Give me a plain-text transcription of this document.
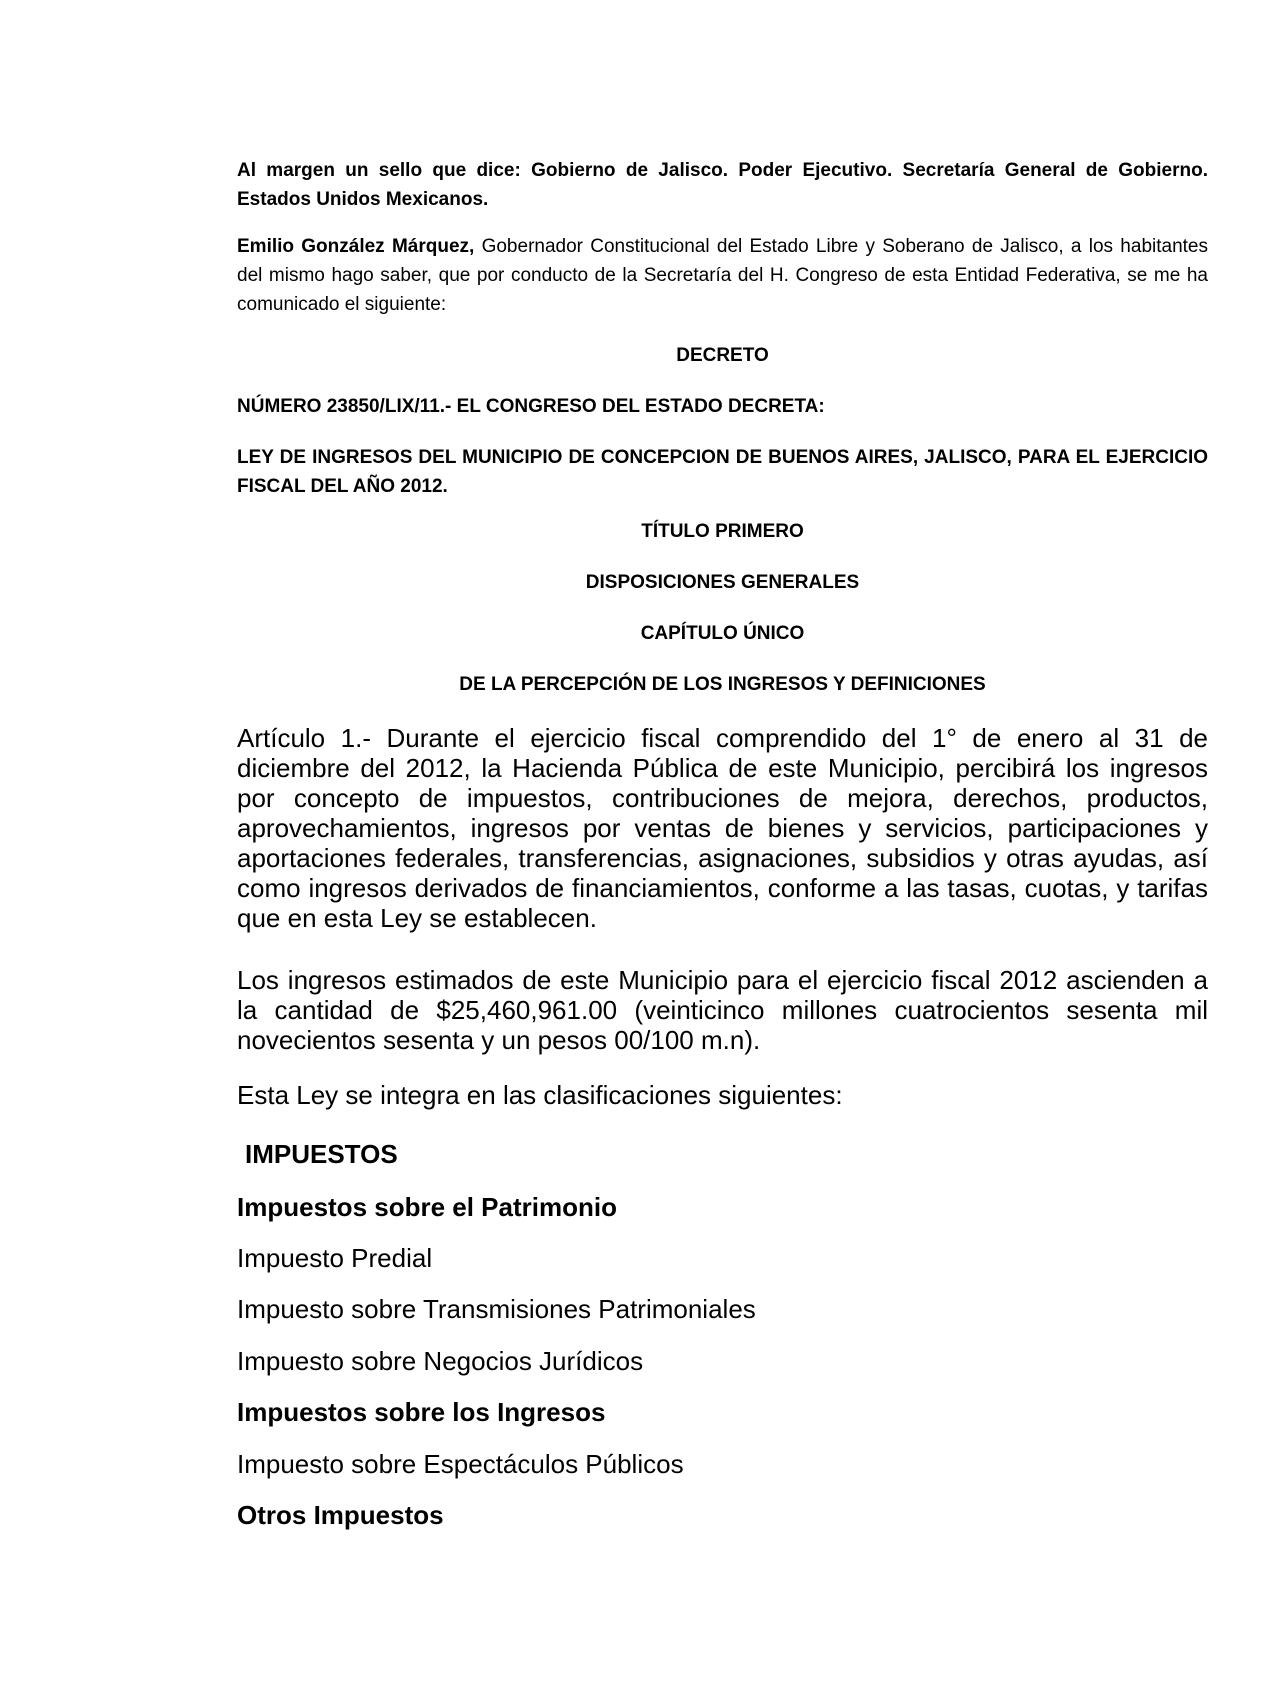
Al margen un sello que dice: Gobierno de Jalisco. Poder Ejecutivo. Secretaría General de Gobierno. Estados Unidos Mexicanos.

Emilio González Márquez, Gobernador Constitucional del Estado Libre y Soberano de Jalisco, a los habitantes del mismo hago saber, que por conducto de la Secretaría del H. Congreso de esta Entidad Federativa, se me ha comunicado el siguiente:

DECRETO

NÚMERO 23850/LIX/11.- EL CONGRESO DEL ESTADO DECRETA:

LEY DE INGRESOS DEL MUNICIPIO DE CONCEPCION DE BUENOS AIRES, JALISCO, PARA EL EJERCICIO FISCAL DEL AÑO 2012.

TÍTULO PRIMERO

DISPOSICIONES GENERALES

CAPÍTULO ÚNICO

DE LA PERCEPCIÓN DE LOS INGRESOS Y DEFINICIONES

Artículo 1.- Durante el ejercicio fiscal comprendido del 1° de enero al 31 de diciembre del 2012, la Hacienda Pública de este Municipio, percibirá los ingresos por concepto de impuestos, contribuciones de mejora, derechos, productos, aprovechamientos, ingresos por ventas de bienes y servicios, participaciones y aportaciones federales, transferencias, asignaciones, subsidios y otras ayudas, así como ingresos derivados de financiamientos, conforme a las tasas, cuotas, y tarifas que en esta Ley se establecen.

Los ingresos estimados de este Municipio para el ejercicio fiscal 2012 ascienden a la cantidad de $25,460,961.00 (veinticinco millones cuatrocientos sesenta mil novecientos sesenta y un pesos 00/100 m.n).

Esta Ley se integra en las clasificaciones siguientes:

IMPUESTOS

Impuestos sobre el Patrimonio

Impuesto Predial

Impuesto sobre Transmisiones Patrimoniales

Impuesto sobre Negocios Jurídicos

Impuestos sobre los Ingresos

Impuesto sobre Espectáculos Públicos

Otros Impuestos
